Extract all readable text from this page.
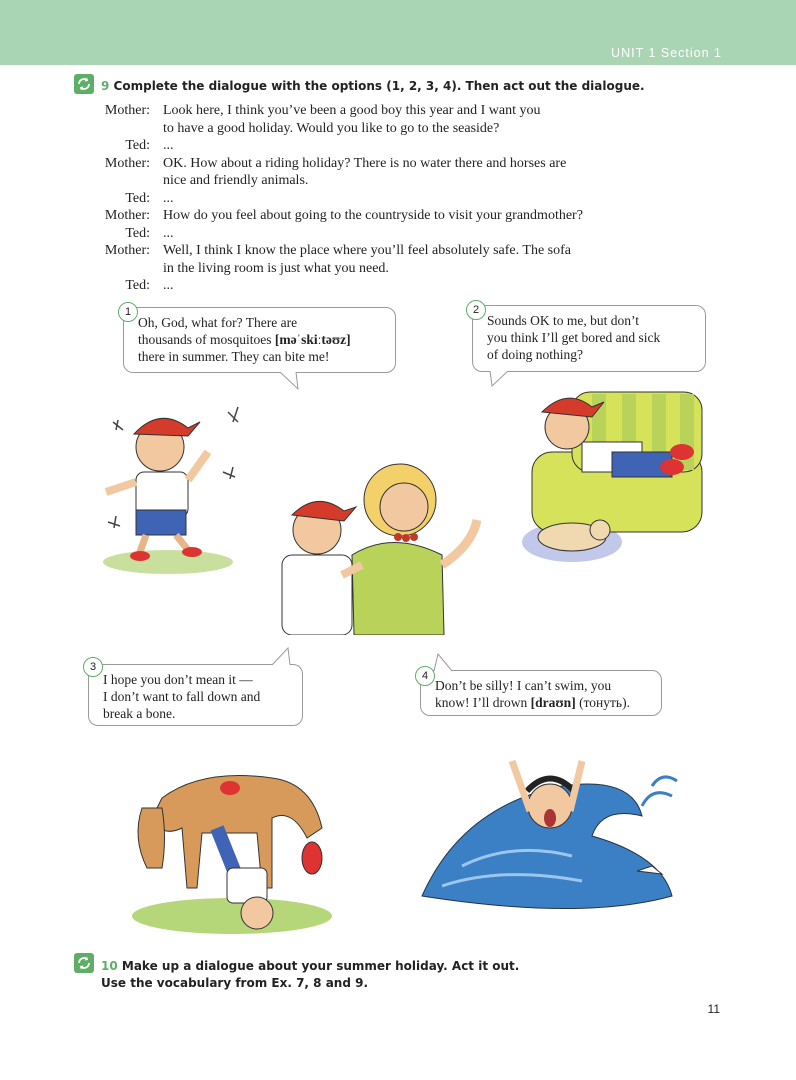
UNIT 1 Section 1
9 Complete the dialogue with the options (1, 2, 3, 4). Then act out the dialogue.
Mother: Look here, I think you’ve been a good boy this year and I want you
to have a good holiday. Would you like to go to the seaside?
Ted: ...
Mother: OK. How about a riding holiday? There is no water there and horses are
nice and friendly animals.
Ted: ...
Mother: How do you feel about going to the countryside to visit your grandmother?
Ted: ...
Mother: Well, I think I know the place where you’ll feel absolutely safe. The sofa
in the living room is just what you need.
Ted: ...
Oh, God, what for? There are
thousands of mosquitoes [məˈskiːtəʊz]
there in summer. They can bite me!
1
Sounds OK to me, but don’t
you think I’ll get bored and sick
of doing nothing?
2
I hope you don’t mean it —
I don’t want to fall down and
break a bone.
3
Don’t be silly! I can’t swim, you
know! I’ll drown [draʊn] (тонуть).
4
10 Make up a dialogue about your summer holiday. Act it out.
Use the vocabulary from Ex. 7, 8 and 9.
11
